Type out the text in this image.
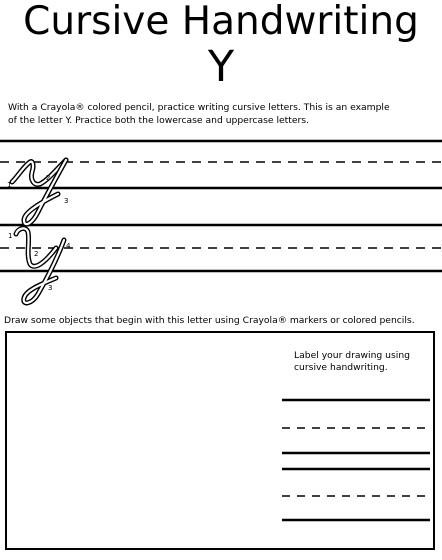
Cursive Handwriting
Y
With a Crayola® colored pencil, practice writing cursive letters. This is an example
of the letter Y. Practice both the lowercase and uppercase letters.
1
2
3
1
2
3
4
Draw some objects that begin with this letter using Crayola® markers or colored pencils.
Label your drawing using
cursive handwriting.
